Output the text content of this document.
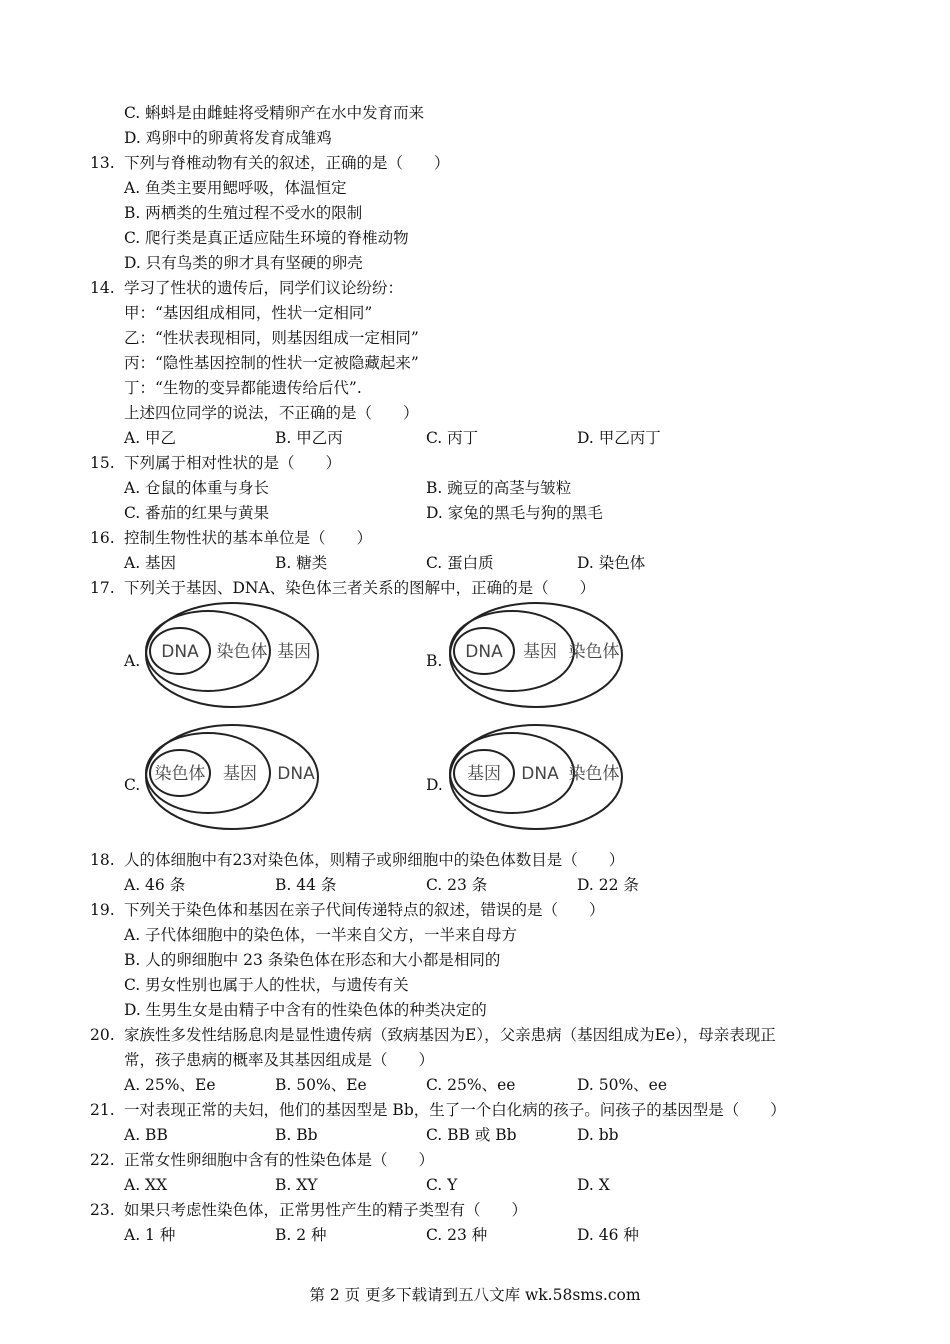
C. 蝌蚪是由雌蛙将受精卵产在水中发育而来
D. 鸡卵中的卵黄将发育成雏鸡
13. 下列与脊椎动物有关的叙述，正确的是（　　）
A. 鱼类主要用鳃呼吸，体温恒定
B. 两栖类的生殖过程不受水的限制
C. 爬行类是真正适应陆生环境的脊椎动物
D. 只有鸟类的卵才具有坚硬的卵壳
14. 学习了性状的遗传后，同学们议论纷纷：
甲：“基因组成相同，性状一定相同”
乙：“性状表现相同，则基因组成一定相同”
丙：“隐性基因控制的性状一定被隐藏起来”
丁：“生物的变异都能遗传给后代”.
上述四位同学的说法，不正确的是（　　）
A. 甲乙	B. 甲乙丙	C. 丙丁	D. 甲乙丙丁
15. 下列属于相对性状的是（　　）
A. 仓鼠的体重与身长	B. 豌豆的高茎与皱粒
C. 番茄的红果与黄果	D. 家兔的黑毛与狗的黑毛
16. 控制生物性状的基本单位是（　　）
A. 基因	B. 糖类	C. 蛋白质	D. 染色体
17. 下列关于基因、DNA、染色体三者关系的图解中，正确的是（　　）
A. DNA 染色体 基因	B. DNA 基因 染色体
C.
染色体 基因 DNA
D.
基因 DNA 染色体
18. 人的体细胞中有23对染色体，则精子或卵细胞中的染色体数目是（　　）
A. 46 条	B. 44 条	C. 23 条	D. 22 条
19. 下列关于染色体和基因在亲子代间传递特点的叙述，错误的是（　　）
A. 子代体细胞中的染色体，一半来自父方，一半来自母方
B. 人的卵细胞中 23 条染色体在形态和大小都是相同的
C. 男女性别也属于人的性状，与遗传有关
D. 生男生女是由精子中含有的性染色体的种类决定的
20. 家族性多发性结肠息肉是显性遗传病（致病基因为E），父亲患病（基因组成为Ee），母亲表现正
常，孩子患病的概率及其基因组成是（　　）
A. 25%、Ee	B. 50%、Ee	C. 25%、ee	D. 50%、ee
21. 一对表现正常的夫妇，他们的基因型是 Bb，生了一个白化病的孩子。问孩子的基因型是（　　）
A. BB	B. Bb	C. BB 或 Bb	D. bb
22. 正常女性卵细胞中含有的性染色体是（　　）
A. XX	B. XY	C. Y	D. X
23. 如果只考虑性染色体，正常男性产生的精子类型有（　　）
A. 1 种	B. 2 种	C. 23 种	D. 46 种
第 2 页 更多下载请到五八文库 wk.58sms.com
